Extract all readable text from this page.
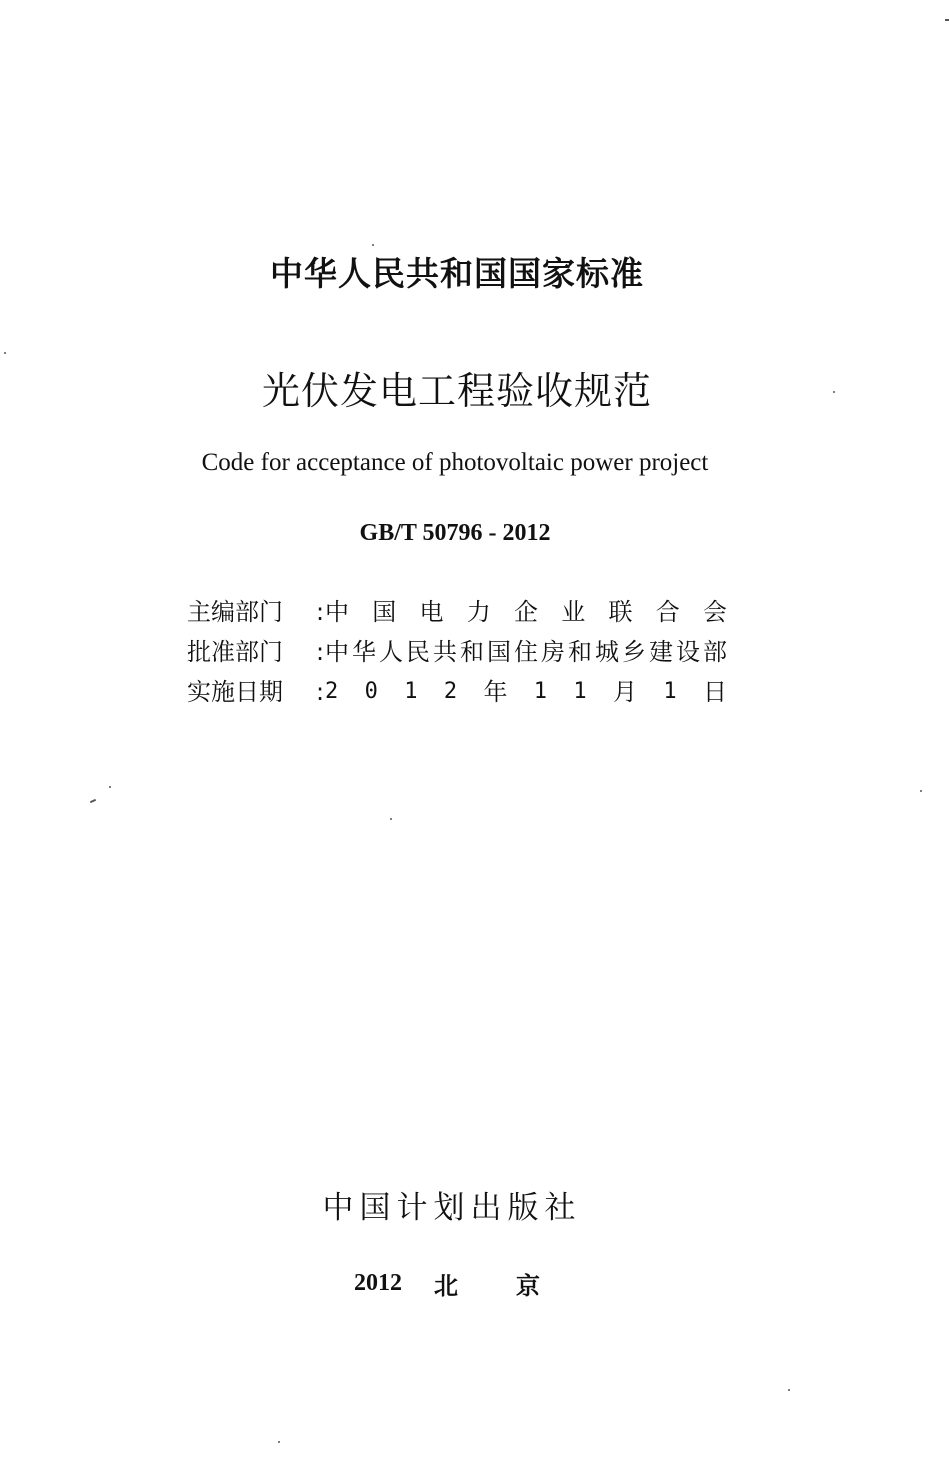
中华人民共和国国家标准
光伏发电工程验收规范
Code for acceptance of photovoltaic power project
GB/T 50796 - 2012
主编部门	: 中 国 电 力 企 业 联 合 会
批准部门	: 中 华 人 民 共 和 国 住 房 和 城 乡 建 设 部
实施日期	: 2 0 1 2 年 1 1 月 1 日
中国计划出版社
2012	北	京
